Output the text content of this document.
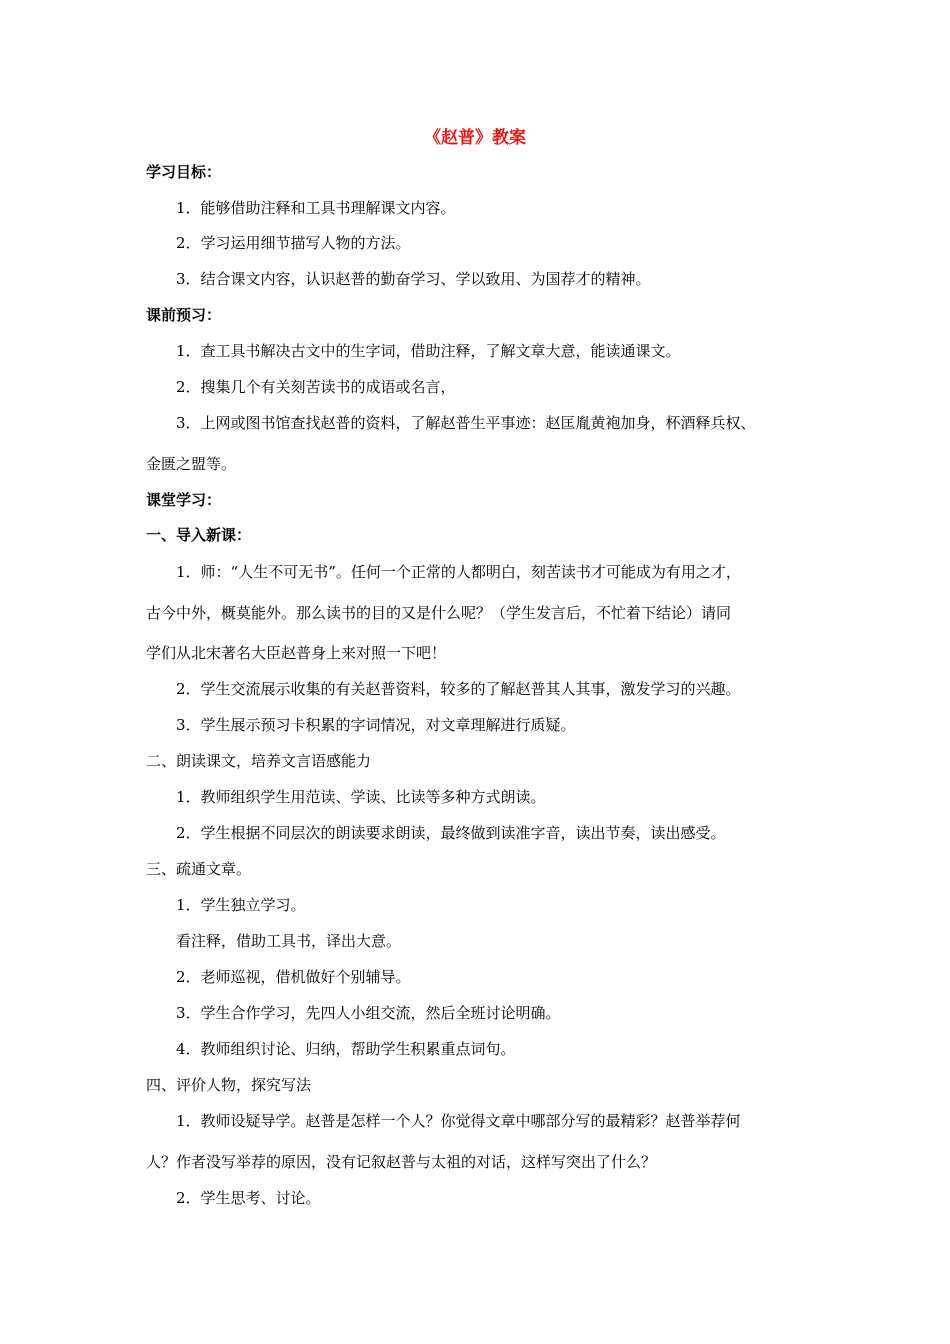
《赵普》教案
学习目标：
1．能够借助注释和工具书理解课文内容。
2．学习运用细节描写人物的方法。
3．结合课文内容，认识赵普的勤奋学习、学以致用、为国荐才的精神。
课前预习：
1．查工具书解决古文中的生字词，借助注释，了解文章大意，能读通课文。
2．搜集几个有关刻苦读书的成语或名言，
3．上网或图书馆查找赵普的资料，了解赵普生平事迹：赵匡胤黄袍加身，杯酒释兵权、
金匮之盟等。
课堂学习：
一、导入新课：
1．师：“人生不可无书”。任何一个正常的人都明白，刻苦读书才可能成为有用之才，
古今中外，概莫能外。那么读书的目的又是什么呢？（学生发言后，不忙着下结论）请同
学们从北宋著名大臣赵普身上来对照一下吧！
2．学生交流展示收集的有关赵普资料，较多的了解赵普其人其事，激发学习的兴趣。
3．学生展示预习卡积累的字词情况，对文章理解进行质疑。
二、朗读课文，培养文言语感能力
1．教师组织学生用范读、学读、比读等多种方式朗读。
2．学生根据不同层次的朗读要求朗读，最终做到读准字音，读出节奏，读出感受。
三、疏通文章。
1．学生独立学习。
看注释，借助工具书，译出大意。
2．老师巡视，借机做好个别辅导。
3．学生合作学习，先四人小组交流，然后全班讨论明确。
4．教师组织讨论、归纳，帮助学生积累重点词句。
四、评价人物，探究写法
1．教师设疑导学。赵普是怎样一个人？你觉得文章中哪部分写的最精彩？赵普举荐何
人？作者没写举荐的原因，没有记叙赵普与太祖的对话，这样写突出了什么？
2．学生思考、讨论。
